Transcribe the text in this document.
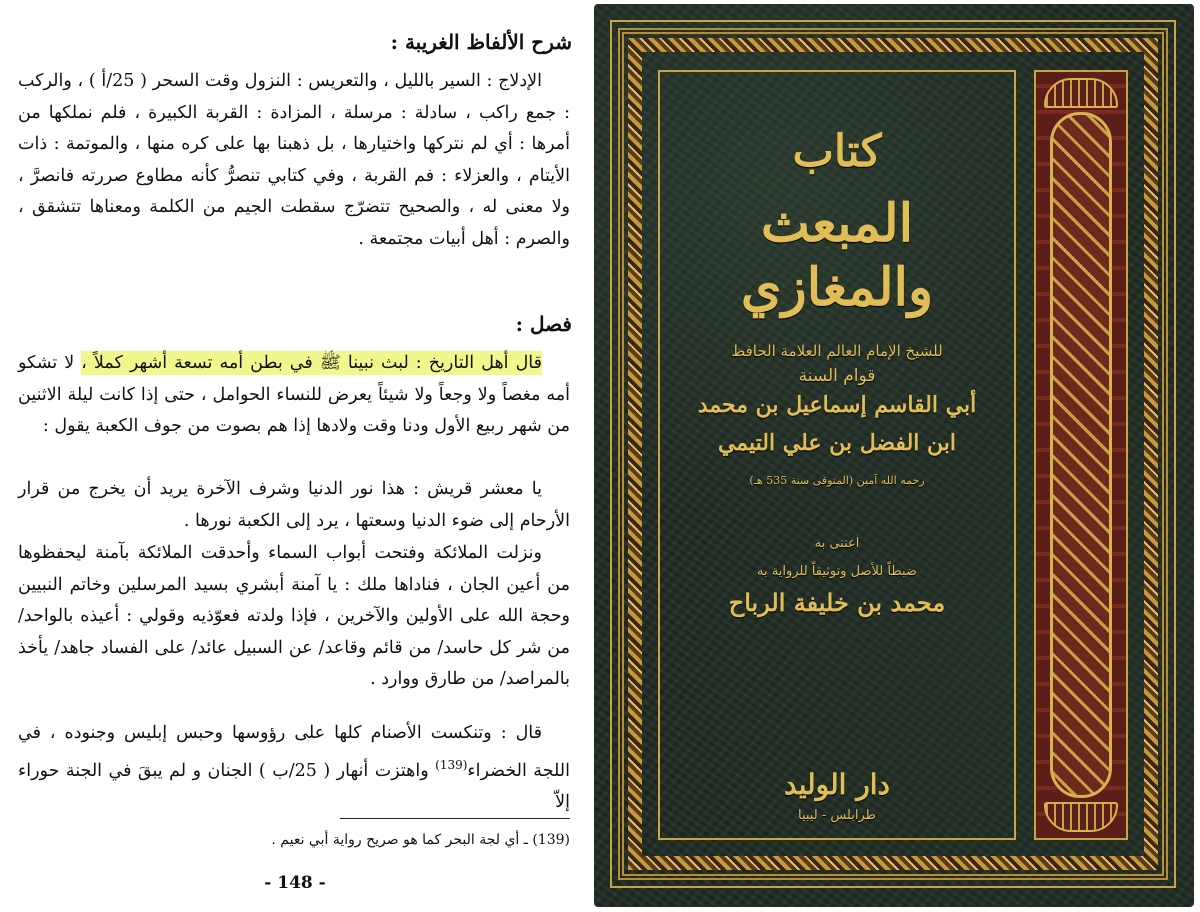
شرح الألفاظ الغريبة :
الإدلاج : السير بالليل ، والتعريس : النزول وقت السحر ( 25/أ ) ، والركب : جمع راكب ، سادلة : مرسلة ، المزادة : القربة الكبيرة ، فلم نملكها من أمرها : أي لم نتركها واختيارها ، بل ذهبنا بها على كره منها ، والموتمة : ذات الأيتام ، والعزلاء : فم القربة ، وفي كتابي تنصرُّ كأنه مطاوع صررته فانصرَّ ، ولا معنى له ، والصحيح تتضرّج سقطت الجيم من الكلمة ومعناها تتشقق ، والصرم : أهل أبيات مجتمعة .
فصل :
قال أهل التاريخ : لبث نبينا ﷺ في بطن أمه تسعة أشهر كملاً ، لا تشكو أمه مغصاً ولا وجعاً ولا شيئاً يعرض للنساء الحوامل ، حتى إذا كانت ليلة الاثنين من شهر ربيع الأول ودنا وقت ولادها إذا هم بصوت من جوف الكعبة يقول :
يا معشر قريش : هذا نور الدنيا وشرف الآخرة يريد أن يخرج من قرار الأرحام إلى ضوء الدنيا وسعتها ، يرد إلى الكعبة نورها .
ونزلت الملائكة وفتحت أبواب السماء وأحدقت الملائكة بآمنة ليحفظوها من أعين الجان ، فناداها ملك : يا آمنة أبشري بسيد المرسلين وخاتم النبيين وحجة الله على الأولين والآخرين ، فإذا ولدته فعوّذيه وقولي : أعيذه بالواحد/ من شر كل حاسد/ من قائم وقاعد/ عن السبيل عائد/ على الفساد جاهد/ يأخذ بالمراصد/ من طارق ووارد .
قال : وتنكست الأصنام كلها على رؤوسها وحبس إبليس وجنوده ، في اللجة الخضراء$^{(139)}$ واهتزت أنهار ( 25/ب ) الجنان و لم يبقَ في الجنة حوراء إلاّ
(139) ـ أي لجة البحر كما هو صريح رواية أبي نعيم .
- 148 -
كتاب
المبعث والمغازي
للشيخ الإمام العالم العلامة الحافظ
قوام السنة
أبي القاسم إسماعيل بن محمد
ابن الفضل بن علي التيمي
رحمه الله آمين (المتوفى سنة 535 هـ)
اعتنى به
ضبطاً للأصل وتوثيقاً للرواية به
محمد بن خليفة الرباح
دار الوليد
طرابلس - ليبيا
